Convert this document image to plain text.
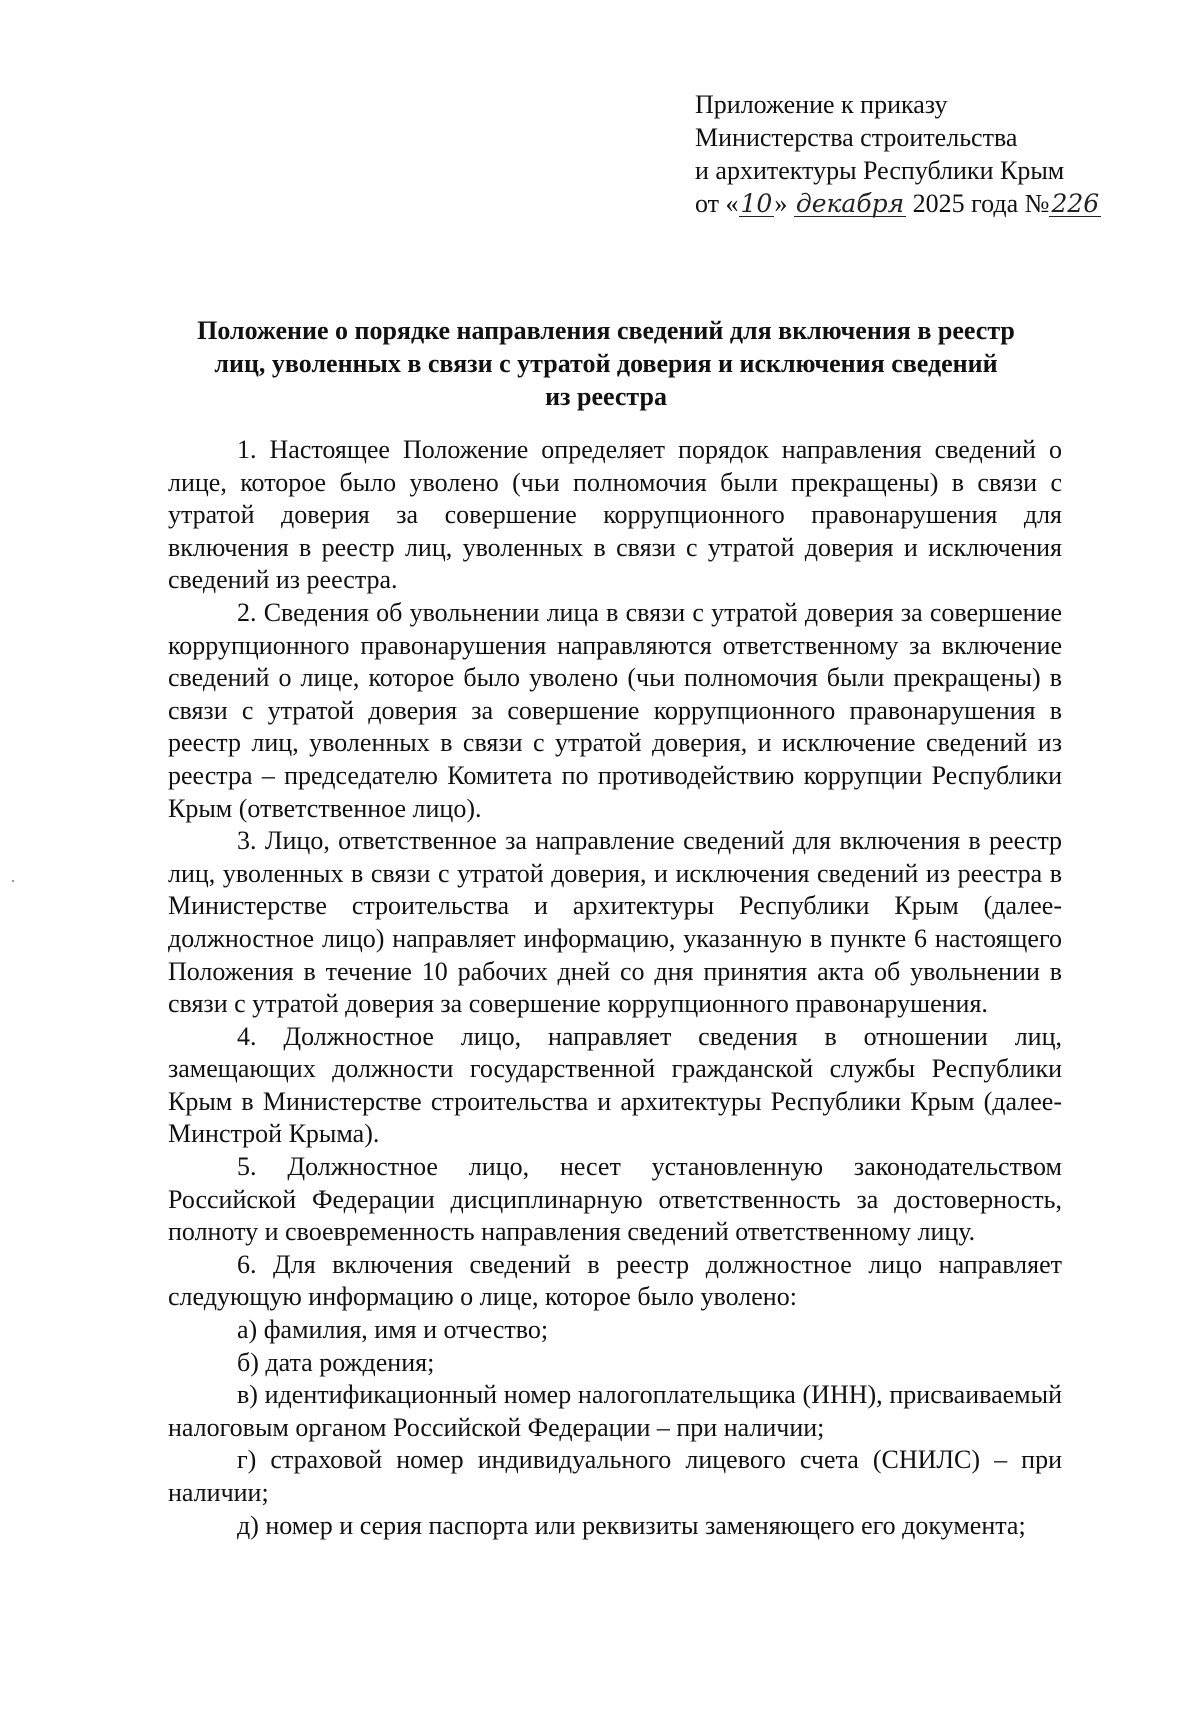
Приложение к приказу
Министерства строительства
и архитектуры Республики Крым
от «10» декабря 2025 года №226
Положение о порядке направления сведений для включения в реестр
лиц, уволенных в связи с утратой доверия и исключения сведений
из реестра

1. Настоящее Положение определяет порядок направления сведений о лице, которое было уволено (чьи полномочия были прекращены) в связи с утратой доверия за совершение коррупционного правонарушения для включения в реестр лиц, уволенных в связи с утратой доверия и исключения сведений из реестра.

2. Сведения об увольнении лица в связи с утратой доверия за совершение коррупционного правонарушения направляются ответственному за включение сведений о лице, которое было уволено (чьи полномочия были прекращены) в связи с утратой доверия за совершение коррупционного правонарушения в реестр лиц, уволенных в связи с утратой доверия, и исключение сведений из реестра – председателю Комитета по противодействию коррупции Республики Крым (ответственное лицо).

3. Лицо, ответственное за направление сведений для включения в реестр лиц, уволенных в связи с утратой доверия, и исключения сведений из реестра в Министерстве строительства и архитектуры Республики Крым (далее- должностное лицо) направляет информацию, указанную в пункте 6 настоящего Положения в течение 10 рабочих дней со дня принятия акта об увольнении в связи с утратой доверия за совершение коррупционного правонарушения.

4. Должностное лицо, направляет сведения в отношении лиц, замещающих должности государственной гражданской службы Республики Крым в Министерстве строительства и архитектуры Республики Крым (далее- Минстрой Крыма).

5. Должностное лицо, несет установленную законодательством Российской Федерации дисциплинарную ответственность за достоверность, полноту и своевременность направления сведений ответственному лицу.

6. Для включения сведений в реестр должностное лицо направляет следующую информацию о лице, которое было уволено:

а) фамилия, имя и отчество;

б) дата рождения;

в) идентификационный номер налогоплательщика (ИНН), присваиваемый налоговым органом Российской Федерации – при наличии;

г) страховой номер индивидуального лицевого счета (СНИЛС) – при наличии;

д) номер и серия паспорта или реквизиты заменяющего его документа;
